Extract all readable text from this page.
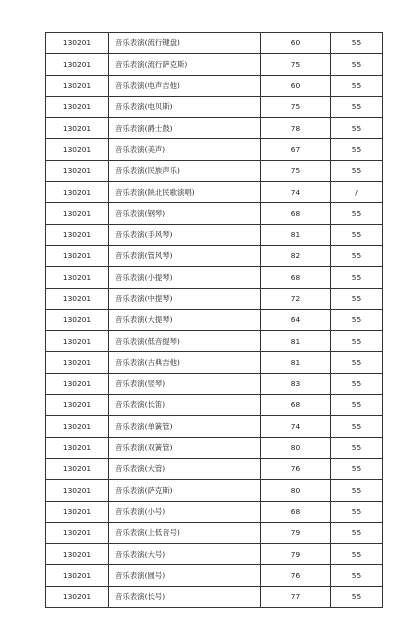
130201	音乐表演(流行键盘)	60	55
130201	音乐表演(流行萨克斯)	75	55
130201	音乐表演(电声吉他)	60	55
130201	音乐表演(电贝斯)	75	55
130201	音乐表演(爵士鼓)	78	55
130201	音乐表演(美声)	67	55
130201	音乐表演(民族声乐)	75	55
130201	音乐表演(陕北民歌演唱)	74	/
130201	音乐表演(钢琴)	68	55
130201	音乐表演(手风琴)	81	55
130201	音乐表演(管风琴)	82	55
130201	音乐表演(小提琴)	68	55
130201	音乐表演(中提琴)	72	55
130201	音乐表演(大提琴)	64	55
130201	音乐表演(低音提琴)	81	55
130201	音乐表演(古典吉他)	81	55
130201	音乐表演(竖琴)	83	55
130201	音乐表演(长笛)	68	55
130201	音乐表演(单簧管)	74	55
130201	音乐表演(双簧管)	80	55
130201	音乐表演(大管)	76	55
130201	音乐表演(萨克斯)	80	55
130201	音乐表演(小号)	68	55
130201	音乐表演(上低音号)	79	55
130201	音乐表演(大号)	79	55
130201	音乐表演(圆号)	76	55
130201	音乐表演(长号)	77	55
